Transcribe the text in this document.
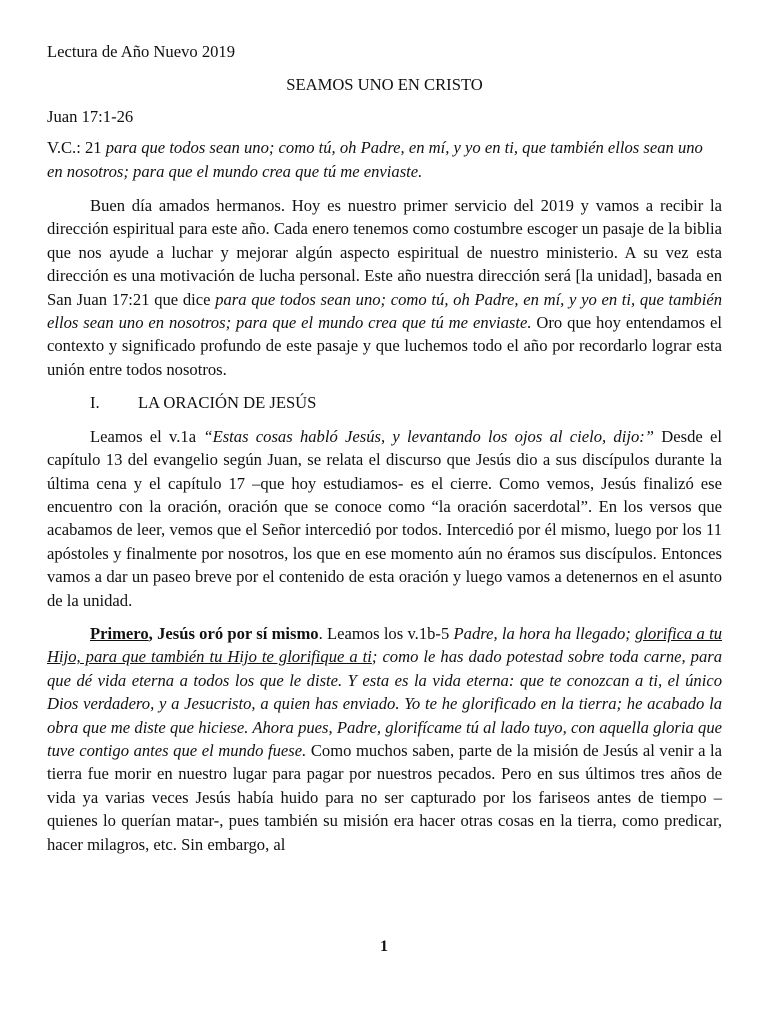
Lectura de Año Nuevo 2019

SEAMOS UNO EN CRISTO

Juan 17:1-26

V.C.: 21 para que todos sean uno; como tú, oh Padre, en mí, y yo en ti, que también ellos sean uno en nosotros; para que el mundo crea que tú me enviaste.

Buen día amados hermanos. Hoy es nuestro primer servicio del 2019 y vamos a recibir la dirección espiritual para este año. Cada enero tenemos como costumbre escoger un pasaje de la biblia que nos ayude a luchar y mejorar algún aspecto espiritual de nuestro ministerio. A su vez esta dirección es una motivación de lucha personal. Este año nuestra dirección será [la unidad], basada en San Juan 17:21 que dice para que todos sean uno; como tú, oh Padre, en mí, y yo en ti, que también ellos sean uno en nosotros; para que el mundo crea que tú me enviaste. Oro que hoy entendamos el contexto y significado profundo de este pasaje y que luchemos todo el año por recordarlo lograr esta unión entre todos nosotros.

I. LA ORACIÓN DE JESÚS

Leamos el v.1a “Estas cosas habló Jesús, y levantando los ojos al cielo, dijo:” Desde el capítulo 13 del evangelio según Juan, se relata el discurso que Jesús dio a sus discípulos durante la última cena y el capítulo 17 –que hoy estudiamos- es el cierre. Como vemos, Jesús finalizó ese encuentro con la oración, oración que se conoce como “la oración sacerdotal”. En los versos que acabamos de leer, vemos que el Señor intercedió por todos. Intercedió por él mismo, luego por los 11 apóstoles y finalmente por nosotros, los que en ese momento aún no éramos sus discípulos. Entonces vamos a dar un paseo breve por el contenido de esta oración y luego vamos a detenernos en el asunto de la unidad.

Primero, Jesús oró por sí mismo. Leamos los v.1b-5 Padre, la hora ha llegado; glorifica a tu Hijo, para que también tu Hijo te glorifique a ti; como le has dado potestad sobre toda carne, para que dé vida eterna a todos los que le diste. Y esta es la vida eterna: que te conozcan a ti, el único Dios verdadero, y a Jesucristo, a quien has enviado. Yo te he glorificado en la tierra; he acabado la obra que me diste que hiciese. Ahora pues, Padre, glorifícame tú al lado tuyo, con aquella gloria que tuve contigo antes que el mundo fuese. Como muchos saben, parte de la misión de Jesús al venir a la tierra fue morir en nuestro lugar para pagar por nuestros pecados. Pero en sus últimos tres años de vida ya varias veces Jesús había huido para no ser capturado por los fariseos antes de tiempo –quienes lo querían matar-, pues también su misión era hacer otras cosas en la tierra, como predicar, hacer milagros, etc. Sin embargo, al

1
